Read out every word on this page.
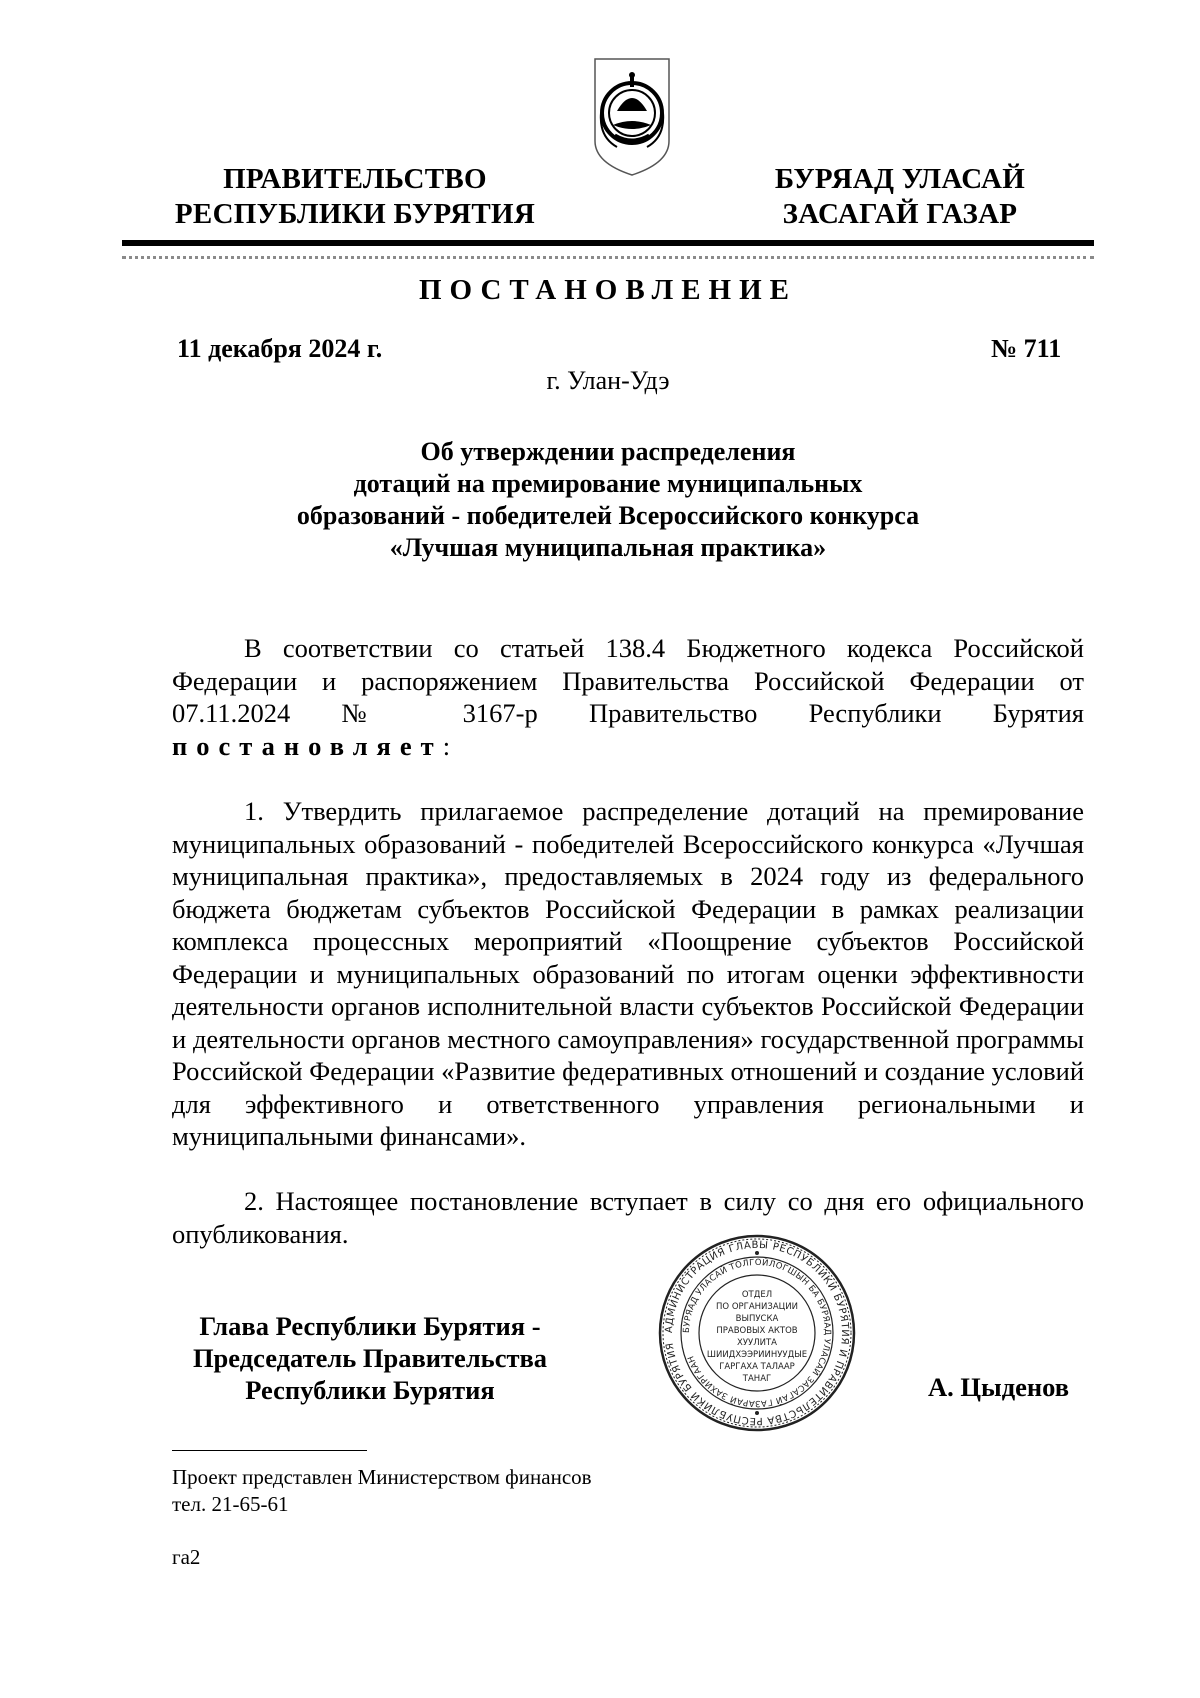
ПРАВИТЕЛЬСТВО
РЕСПУБЛИКИ БУРЯТИЯ
БУРЯАД УЛАСАЙ
ЗАСАГАЙ ГАЗАР
ПОСТАНОВЛЕНИЕ
11 декабря 2024 г.	№ 711
г. Улан-Удэ
Об утверждении распределения
дотаций на премирование муниципальных
образований - победителей Всероссийского конкурса
«Лучшая муниципальная практика»

В соответствии со статьей 138.4 Бюджетного кодекса Российской Федерации и распоряжением Правительства Российской Федерации от 07.11.2024 № 3167-р Правительство Республики Бурятия постановляет:

1. Утвердить прилагаемое распределение дотаций на премирование муниципальных образований - победителей Всероссийского конкурса «Лучшая муниципальная практика», предоставляемых в 2024 году из федерального бюджета бюджетам субъектов Российской Федерации в рамках реализации комплекса процессных мероприятий «Поощрение субъектов Российской Федерации и муниципальных образований по итогам оценки эффективности деятельности органов исполнительной власти субъектов Российской Федерации и деятельности органов местного самоуправления» государственной программы Российской Федерации «Развитие федеративных отношений и создание условий для эффективного и ответственного управления региональными и муниципальными финансами».

2. Настоящее постановление вступает в силу со дня его официального опубликования.

Глава Республики Бурятия -
Председатель Правительства
Республики Бурятия	А. Цыденов
АДМИНИСТРАЦИЯ ГЛАВЫ РЕСПУБЛИКИ БУРЯТИЯ И ПРАВИТЕЛЬСТВА РЕСПУБЛИКИ БУРЯТИЯ
БУРЯАД УЛАСАЙ ТОЛГОЙЛОГШЫН БА БУРЯАД УЛАСАЙ ЗАСАГАЙ ГАЗАРАЙ ЗАХИРГААН
ОТДЕЛ
ПО ОРГАНИЗАЦИИ
ВЫПУСКА
ПРАВОВЫХ АКТОВ
ХУУЛИТА
ШИИДХЭЭРИИНУУДЫЕ
ГАРГАХА ТАЛААР
ТАНАГ
Проект представлен Министерством финансов
тел. 21-65-61
га2
